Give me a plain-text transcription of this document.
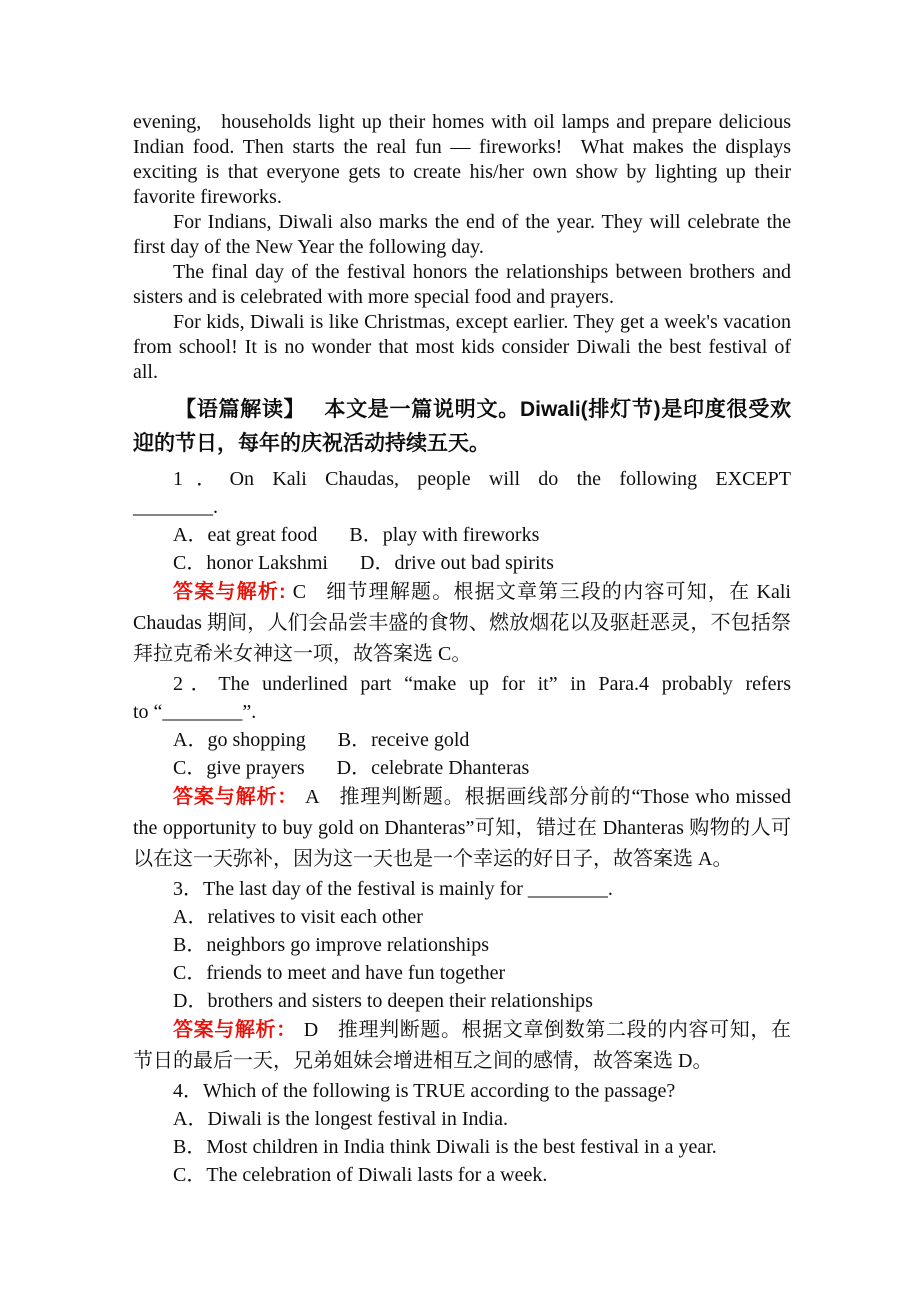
evening, households light up their homes with oil lamps and prepare delicious Indian food. Then starts the real fun — fireworks!  What makes the displays exciting is that everyone gets to create his/her own show by lighting up their favorite fireworks.

For Indians, Diwali also marks the end of the year. They will celebrate the first day of the New Year the following day.

The final day of the festival honors the relationships between brothers and sisters and is celebrated with more special food and prayers.

For kids, Diwali is like Christmas, except earlier. They get a week's vacation from school! It is no wonder that most kids consider Diwali the best festival of all.

【语篇解读】 本文是一篇说明文。Diwali(排灯节)是印度很受欢迎的节日，每年的庆祝活动持续五天。

1．On Kali Chaudas, people will do the following EXCEPT

________.

A．eat great food B．play with fireworks

C．honor Lakshmi D．drive out bad spirits

答案与解析: C 细节理解题。根据文章第三段的内容可知，在 Kali Chaudas 期间，人们会品尝丰盛的食物、燃放烟花以及驱赶恶灵，不包括祭拜拉克希米女神这一项，故答案选 C。

2．The underlined part “make up for it” in Para.4 probably refers

to “________”.

A．go shopping B．receive gold

C．give prayers D．celebrate Dhanteras

答案与解析： A 推理判断题。根据画线部分前的“Those who missed the opportunity to buy gold on Dhanteras”可知，错过在 Dhanteras 购物的人可以在这一天弥补，因为这一天也是一个幸运的好日子，故答案选 A。

3．The last day of the festival is mainly for ________.

A．relatives to visit each other

B．neighbors go improve relationships

C．friends to meet and have fun together

D．brothers and sisters to deepen their relationships

答案与解析： D 推理判断题。根据文章倒数第二段的内容可知，在节日的最后一天，兄弟姐妹会增进相互之间的感情，故答案选 D。

4．Which of the following is TRUE according to the passage?

A．Diwali is the longest festival in India.

B．Most children in India think Diwali is the best festival in a year.

C．The celebration of Diwali lasts for a week.
